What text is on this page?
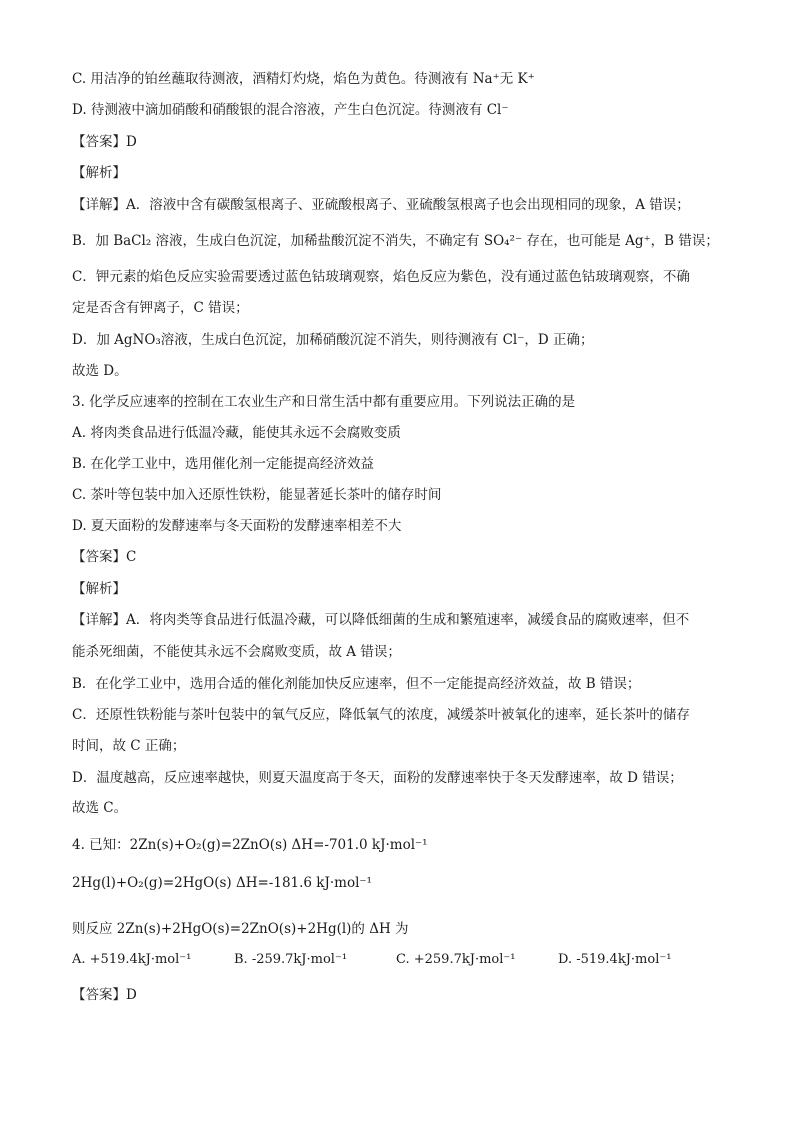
C. 用洁净的铂丝蘸取待测液，酒精灯灼烧，焰色为黄色。待测液有 Na⁺无 K⁺
D. 待测液中滴加硝酸和硝酸银的混合溶液，产生白色沉淀。待测液有 Cl⁻
【答案】D
【解析】
【详解】A．溶液中含有碳酸氢根离子、亚硫酸根离子、亚硫酸氢根离子也会出现相同的现象，A 错误；
B．加 BaCl₂ 溶液，生成白色沉淀，加稀盐酸沉淀不消失，不确定有 SO₄²⁻ 存在，也可能是 Ag⁺，B 错误；
C．钾元素的焰色反应实验需要透过蓝色钴玻璃观察，焰色反应为紫色，没有通过蓝色钴玻璃观察，不确
定是否含有钾离子，C 错误；
D．加 AgNO₃溶液，生成白色沉淀，加稀硝酸沉淀不消失，则待测液有 Cl⁻，D 正确；
故选 D。
3. 化学反应速率的控制在工农业生产和日常生活中都有重要应用。下列说法正确的是
A. 将肉类食品进行低温冷藏，能使其永远不会腐败变质
B. 在化学工业中，选用催化剂一定能提高经济效益
C. 茶叶等包装中加入还原性铁粉，能显著延长茶叶的储存时间
D. 夏天面粉的发酵速率与冬天面粉的发酵速率相差不大
【答案】C
【解析】
【详解】A．将肉类等食品进行低温冷藏，可以降低细菌的生成和繁殖速率，减缓食品的腐败速率，但不
能杀死细菌，不能使其永远不会腐败变质，故 A 错误；
B．在化学工业中，选用合适的催化剂能加快反应速率，但不一定能提高经济效益，故 B 错误；
C．还原性铁粉能与茶叶包装中的氧气反应，降低氧气的浓度，减缓茶叶被氧化的速率，延长茶叶的储存
时间，故 C 正确；
D．温度越高，反应速率越快，则夏天温度高于冬天，面粉的发酵速率快于冬天发酵速率，故 D 错误；
故选 C。
4. 已知：2Zn(s)+O₂(g)=2ZnO(s) ΔH=-701.0 kJ·mol⁻¹
2Hg(l)+O₂(g)=2HgO(s) ΔH=-181.6 kJ·mol⁻¹
则反应 2Zn(s)+2HgO(s)=2ZnO(s)+2Hg(l)的 ΔH 为
A. +519.4kJ·mol⁻¹	B. -259.7kJ·mol⁻¹	C. +259.7kJ·mol⁻¹	D. -519.4kJ·mol⁻¹
【答案】D
